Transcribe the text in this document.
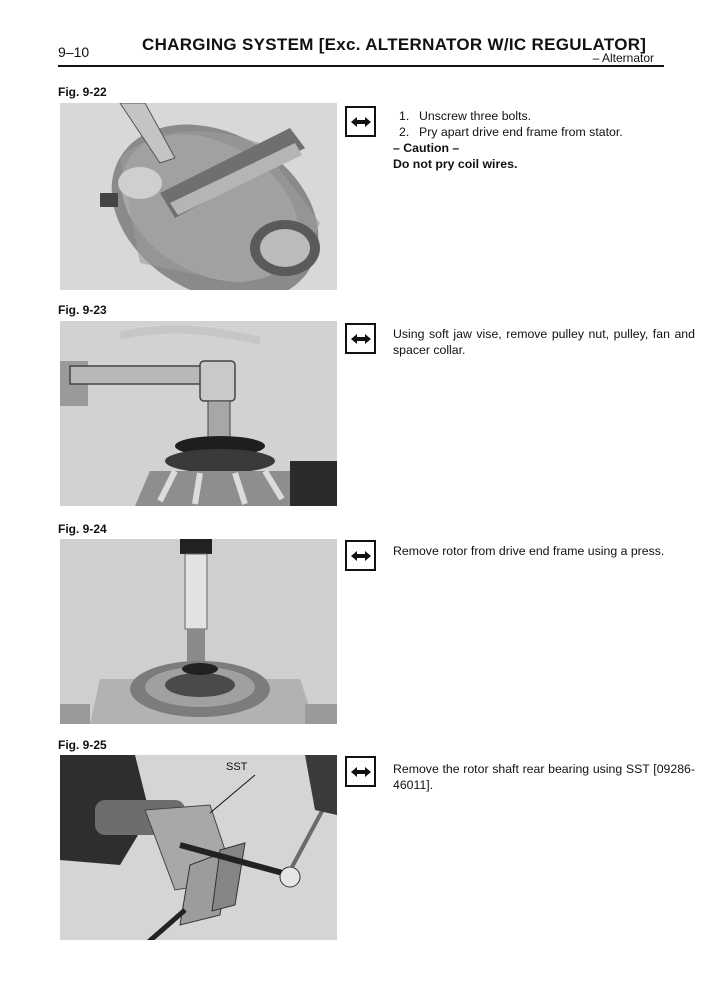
9–10	CHARGING SYSTEM [Exc. ALTERNATOR W/IC REGULATOR]
– Alternator
Fig. 9-22
1. Unscrew three bolts.
2. Pry apart drive end frame from stator.
– Caution –
Do not pry coil wires.
Fig. 9-23
Using soft jaw vise, remove pulley nut, pulley, fan and spacer collar.
Fig. 9-24
Remove rotor from drive end frame using a press.
Fig. 9-25
SST	Remove the rotor shaft rear bearing using SST [09286-46011].
